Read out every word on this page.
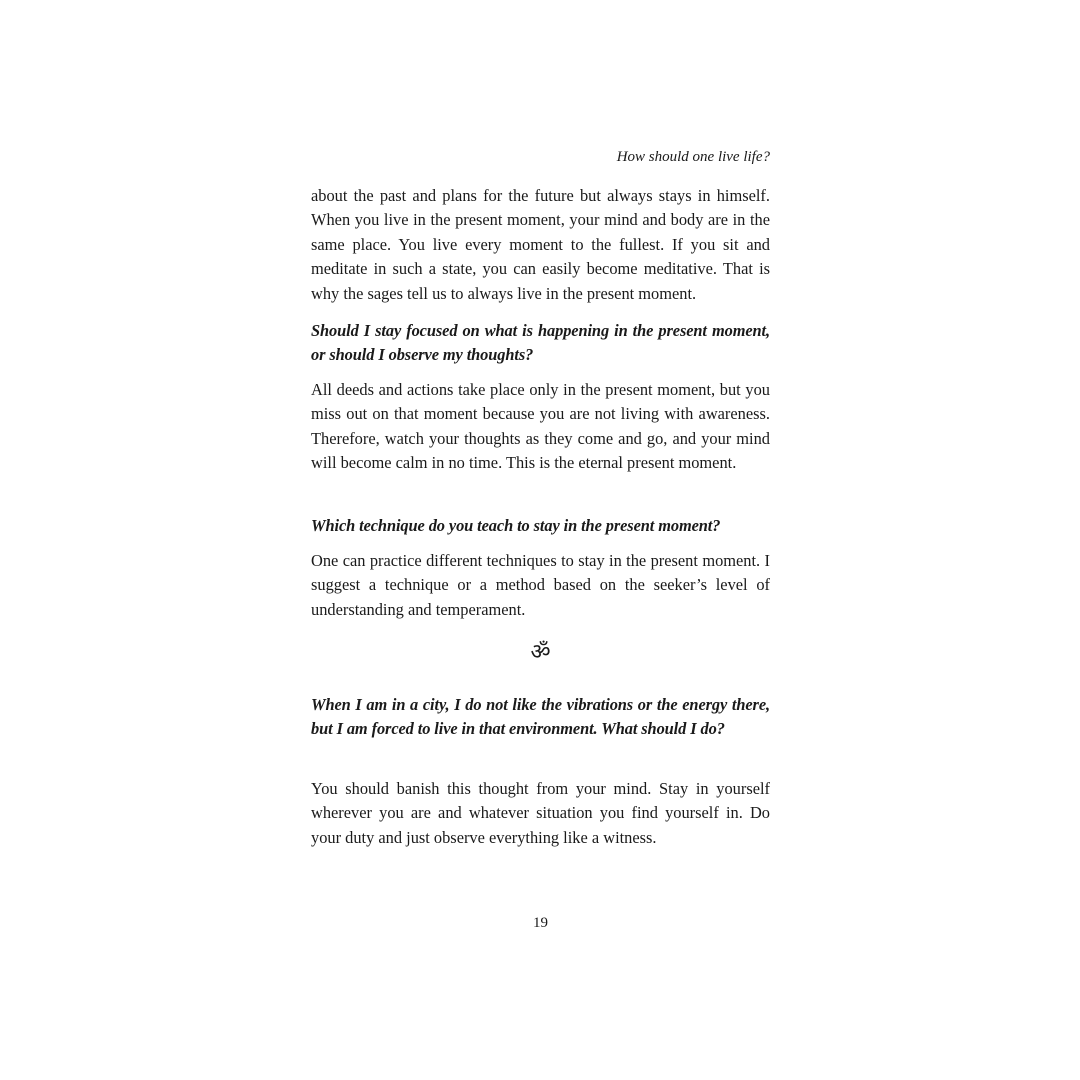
How should one live life?

about the past and plans for the future but always stays in himself. When you live in the present moment, your mind and body are in the same place. You live every moment to the fullest. If you sit and meditate in such a state, you can easily become meditative. That is why the sages tell us to always live in the present moment.

Should I stay focused on what is happening in the present moment, or should I observe my thoughts?

All deeds and actions take place only in the present moment, but you miss out on that moment because you are not living with awareness. Therefore, watch your thoughts as they come and go, and your mind will become calm in no time. This is the eternal present moment.

Which technique do you teach to stay in the present moment?

One can practice different techniques to stay in the present moment. I suggest a technique or a method based on the seeker’s level of understanding and temperament.

ॐ

When I am in a city, I do not like the vibrations or the energy there, but I am forced to live in that environment. What should I do?

You should banish this thought from your mind. Stay in yourself wherever you are and whatever situation you find yourself in. Do your duty and just observe everything like a witness.

19
